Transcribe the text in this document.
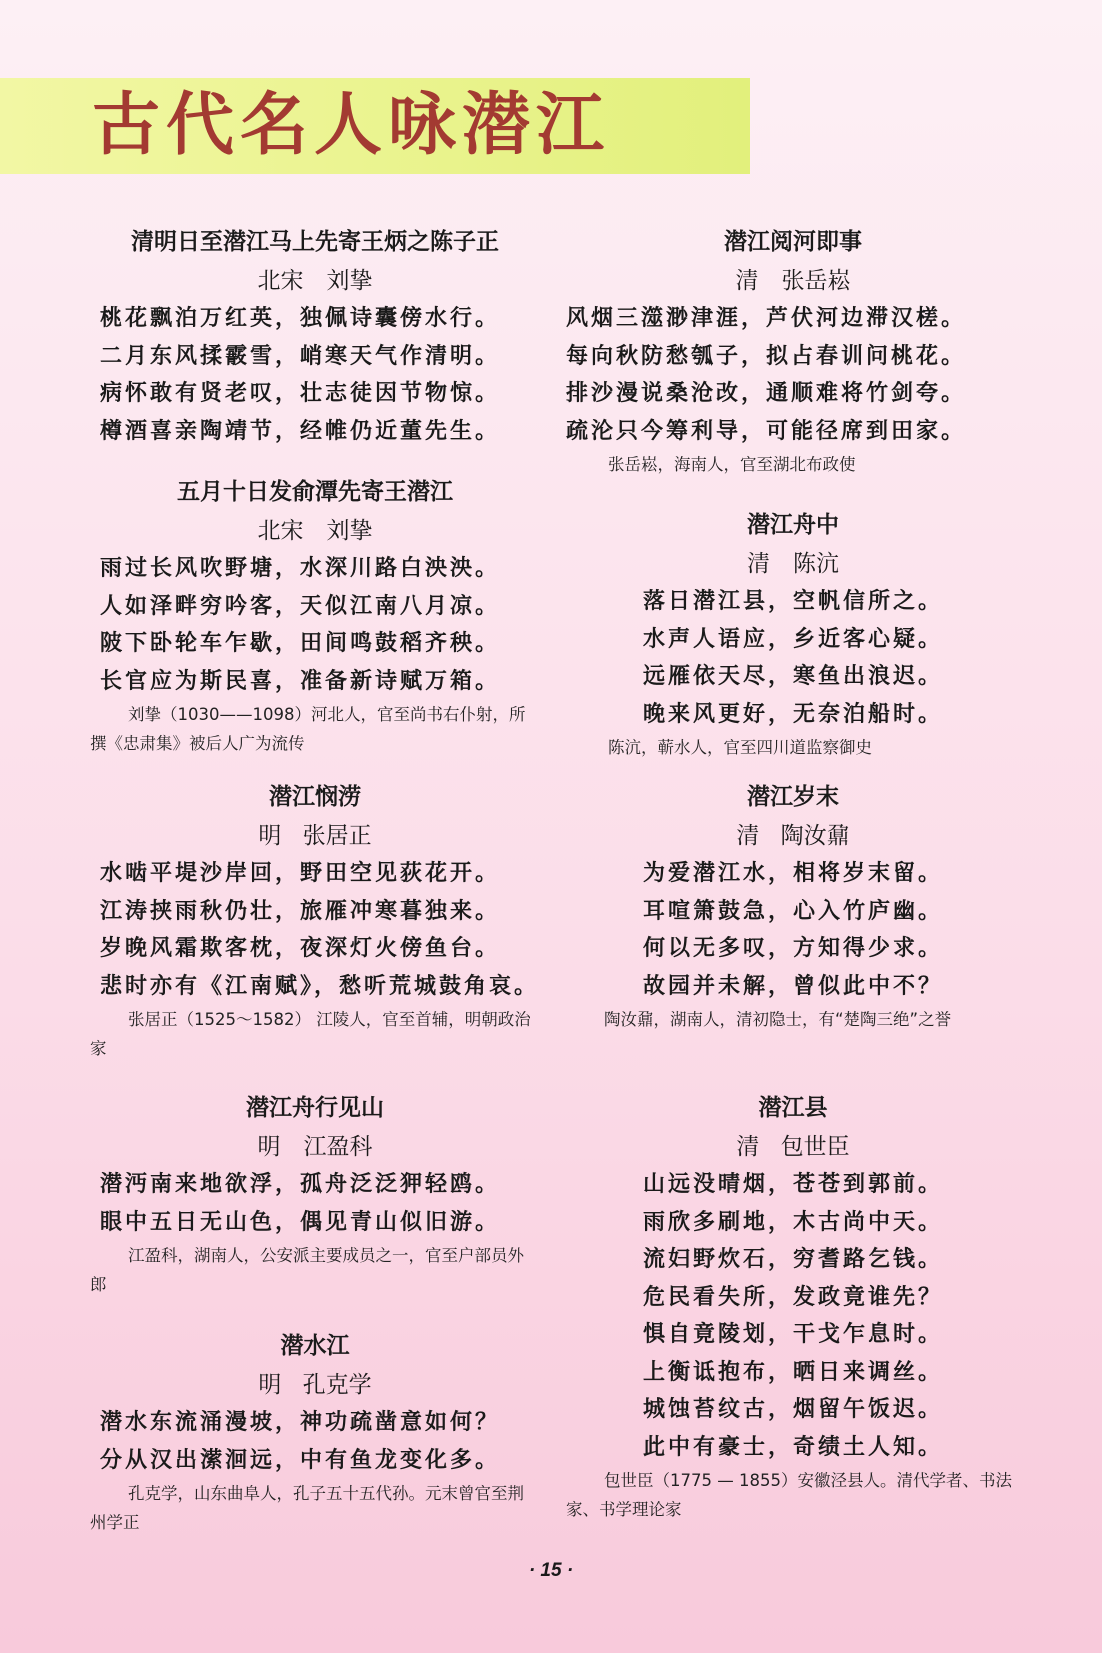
古代名人咏潜江
清明日至潜江马上先寄王炳之陈子正
北宋　刘挚
桃花飘泊万红英，独佩诗囊傍水行。
二月东风揉霰雪，峭寒天气作清明。
病怀敢有贤老叹，壮志徒因节物惊。
樽酒喜亲陶靖节，经帷仍近董先生。
五月十日发俞潭先寄王潜江
北宋　刘挚
雨过长风吹野塘，水深川路白泱泱。
人如泽畔穷吟客，天似江南八月凉。
陂下卧轮车乍歇，田间鸣鼓稻齐秧。
长官应为斯民喜，准备新诗赋万箱。
刘挚（1030——1098）河北人，官至尚书右仆射，所撰《忠肃集》被后人广为流传
潜江悯涝
明 张居正
水啮平堤沙岸回，野田空见荻花开。
江涛挟雨秋仍壮，旅雁冲寒暮独来。
岁晚风霜欺客枕，夜深灯火傍鱼台。
悲时亦有《江南赋》，愁听荒城鼓角哀。
张居正（1525～1582） 江陵人，官至首辅，明朝政治家
潜江舟行见山
明　江盈科
潜沔南来地欲浮，孤舟泛泛狎轻鸥。
眼中五日无山色，偶见青山似旧游。
江盈科，湖南人，公安派主要成员之一，官至户部员外郎
潜水江
明 孔克学
潜水东流涌漫坡，神功疏凿意如何？
分从汉出潆洄远，中有鱼龙变化多。
孔克学，山东曲阜人，孔子五十五代孙。元末曾官至荆州学正
潜江阅河即事
清　张岳崧
风烟三澨渺津涯，芦伏河边滞汉槎。
每向秋防愁瓠子，拟占春训问桃花。
排沙漫说桑沧改，通顺难将竹剑夸。
疏沦只今筹利导，可能径席到田家。
张岳崧，海南人，官至湖北布政使
潜江舟中
清　陈沆
落日潜江县，空帆信所之。
水声人语应，乡近客心疑。
远雁依天尽，寒鱼出浪迟。
晚来风更好，无奈泊船时。
陈沆，蕲水人，官至四川道监察御史
潜江岁末
清 陶汝鼐
为爱潜江水，相将岁末留。
耳喧箫鼓急，心入竹庐幽。
何以无多叹，方知得少求。
故园并未解，曾似此中不？
陶汝鼐，湖南人，清初隐士，有“楚陶三绝”之誉
潜江县
清 包世臣
山远没晴烟，苍苍到郭前。
雨欣多刷地，木古尚中天。
流妇野炊石，穷耆路乞钱。
危民看失所，发政竟谁先？
惧自竟陵划，干戈乍息时。
上衡诋抱布，晒日来调丝。
城蚀苔纹古，烟留午饭迟。
此中有豪士，奇绩土人知。
包世臣（1775 — 1855）安徽泾县人。清代学者、书法家、书学理论家
· 15 ·
